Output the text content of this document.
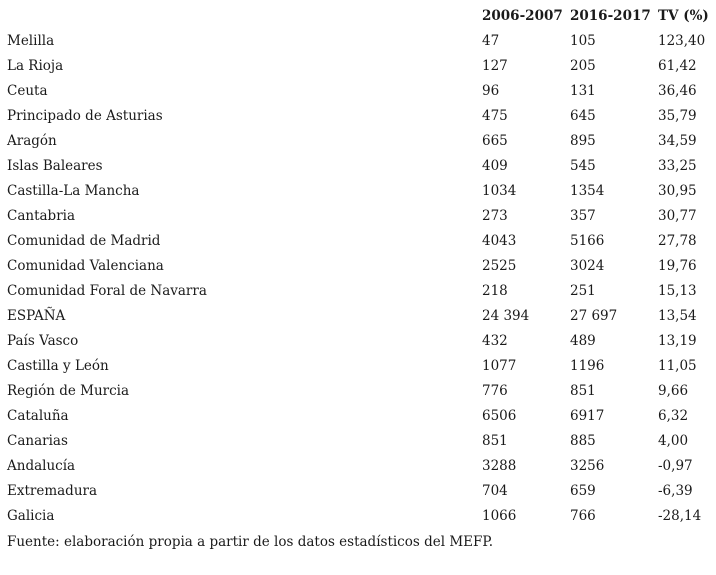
	2006-2007	2016-2017	TV (%)
Melilla	47	105	123,40
La Rioja	127	205	61,42
Ceuta	96	131	36,46
Principado de Asturias	475	645	35,79
Aragón	665	895	34,59
Islas Baleares	409	545	33,25
Castilla-La Mancha	1034	1354	30,95
Cantabria	273	357	30,77
Comunidad de Madrid	4043	5166	27,78
Comunidad Valenciana	2525	3024	19,76
Comunidad Foral de Navarra	218	251	15,13
ESPAÑA	24 394	27 697	13,54
País Vasco	432	489	13,19
Castilla y León	1077	1196	11,05
Región de Murcia	776	851	9,66
Cataluña	6506	6917	6,32
Canarias	851	885	4,00
Andalucía	3288	3256	-0,97
Extremadura	704	659	-6,39
Galicia	1066	766	-28,14
Fuente: elaboración propia a partir de los datos estadísticos del MEFP.
